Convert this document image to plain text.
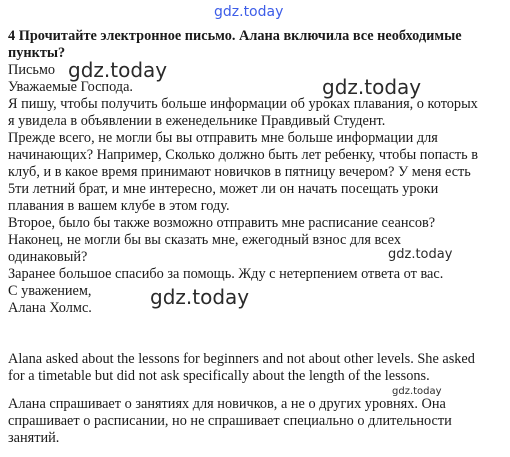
gdz.today
gdz.today
gdz.today
gdz.today
gdz.today
gdz.today
4 Прочитайте электронное письмо. Алана включила все необходимые
пункты?
Письмо
Уважаемые Господа.
Я пишу, чтобы получить больше информации об уроках плавания, о которых
я увидела в объявлении в еженедельнике Правдивый Студент.
Прежде всего, не могли бы вы отправить мне больше информации для
начинающих? Например, Сколько должно быть лет ребенку, чтобы попасть в
клуб, и в какое время принимают новичков в пятницу вечером? У меня есть
5ти летний брат, и мне интересно, может ли он начать посещать уроки
плавания в вашем клубе в этом году.
Второе, было бы также возможно отправить мне расписание сеансов?
Наконец, не могли бы вы сказать мне, ежегодный взнос для всех
одинаковый?
Заранее большое спасибо за помощь. Жду с нетерпением ответа от вас.
С уважением,
Алана Холмс.
Alana asked about the lessons for beginners and not about other levels. She asked
for a timetable but did not ask specifically about the length of the lessons.
Алана спрашивает о занятиях для новичков, а не о других уровнях. Она
спрашивает о расписании, но не спрашивает специально о длительности
занятий.
